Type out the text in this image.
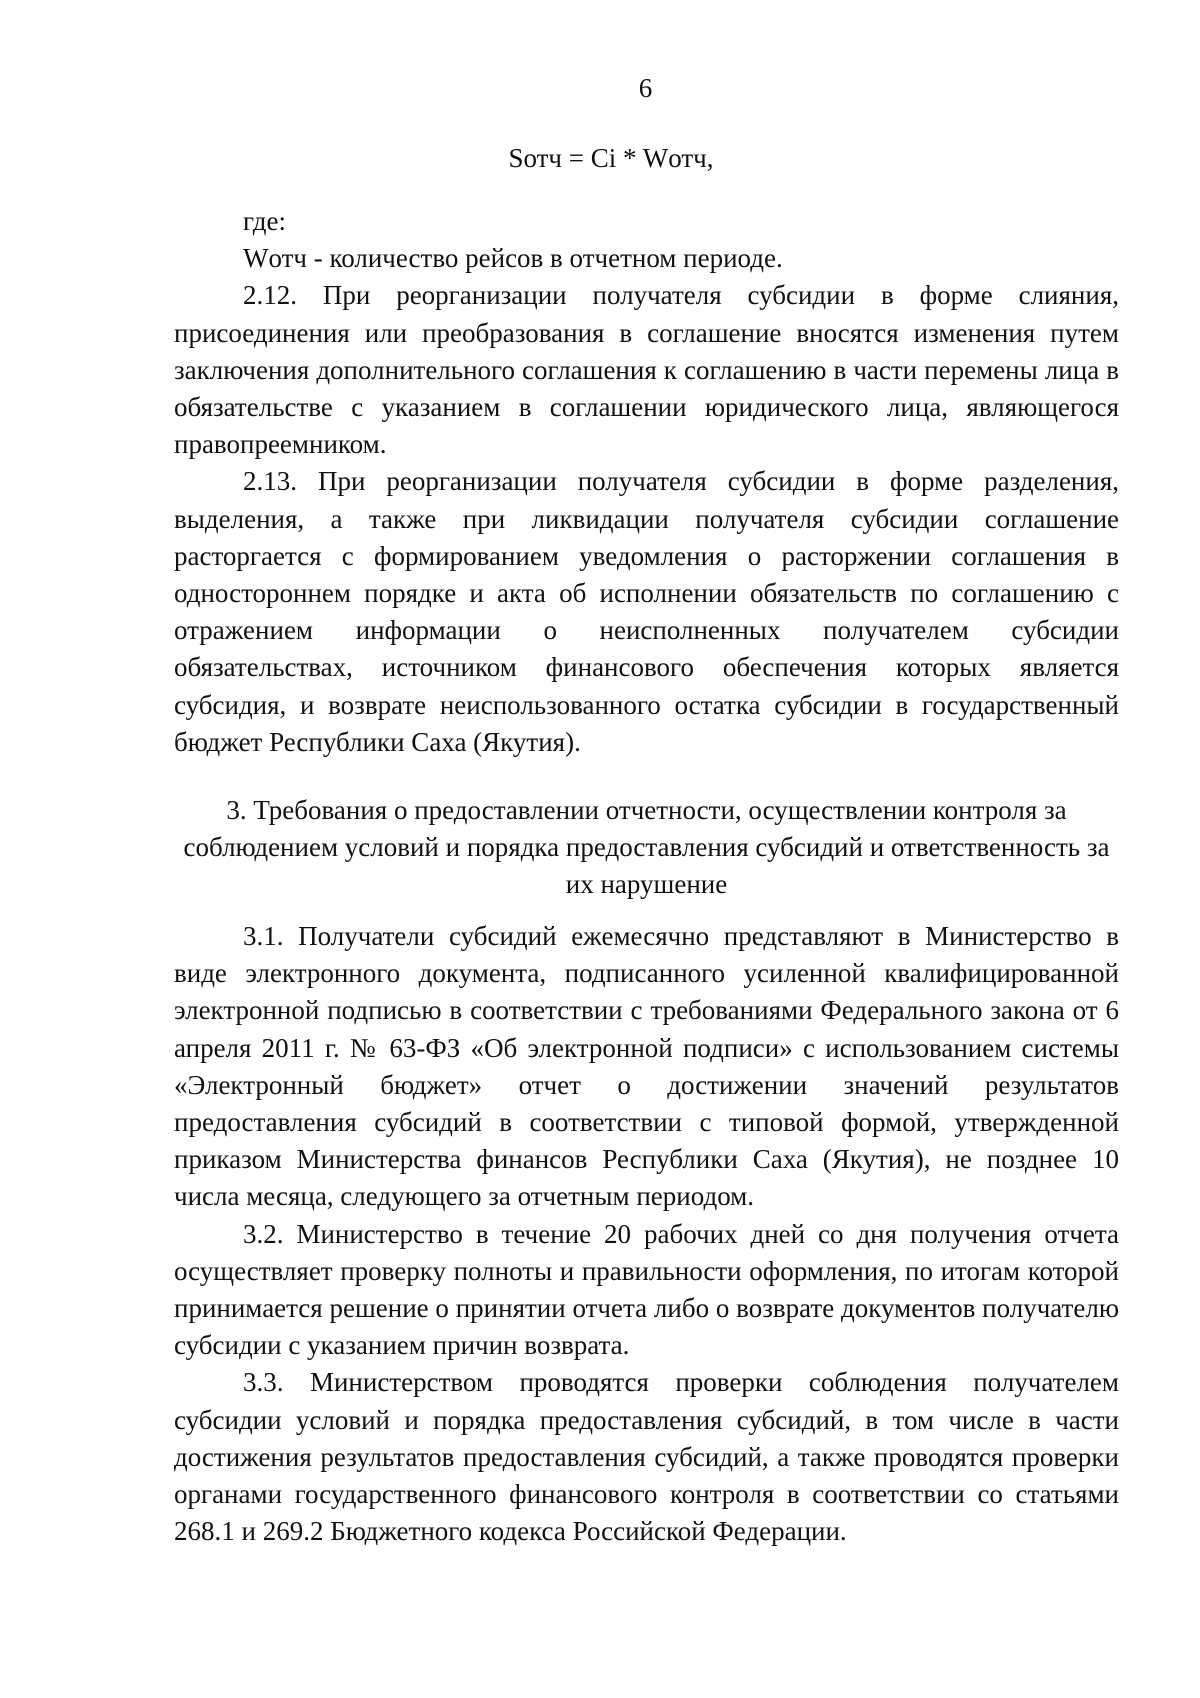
6
Sотч = Ci * Wотч,

где:

Wотч - количество рейсов в отчетном периоде.

2.12. При реорганизации получателя субсидии в форме слияния, присоединения или преобразования в соглашение вносятся изменения путем заключения дополнительного соглашения к соглашению в части перемены лица в обязательстве с указанием в соглашении юридического лица, являющегося правопреемником.

2.13. При реорганизации получателя субсидии в форме разделения, выделения, а также при ликвидации получателя субсидии соглашение расторгается с формированием уведомления о расторжении соглашения в одностороннем порядке и акта об исполнении обязательств по соглашению с отражением информации о неисполненных получателем субсидии обязательствах, источником финансового обеспечения которых является субсидия, и возврате неиспользованного остатка субсидии в государственный бюджет Республики Саха (Якутия).

3. Требования о предоставлении отчетности, осуществлении контроля за соблюдением условий и порядка предоставления субсидий и ответственность за их нарушение

3.1. Получатели субсидий ежемесячно представляют в Министерство в виде электронного документа, подписанного усиленной квалифицированной электронной подписью в соответствии с требованиями Федерального закона от 6 апреля 2011 г. № 63-ФЗ «Об электронной подписи» с использованием системы «Электронный бюджет» отчет о достижении значений результатов предоставления субсидий в соответствии с типовой формой, утвержденной приказом Министерства финансов Республики Саха (Якутия), не позднее 10 числа месяца, следующего за отчетным периодом.

3.2. Министерство в течение 20 рабочих дней со дня получения отчета осуществляет проверку полноты и правильности оформления, по итогам которой принимается решение о принятии отчета либо о возврате документов получателю субсидии с указанием причин возврата.

3.3. Министерством проводятся проверки соблюдения получателем субсидии условий и порядка предоставления субсидий, в том числе в части достижения результатов предоставления субсидий, а также проводятся проверки органами государственного финансового контроля в соответствии со статьями 268.1 и 269.2 Бюджетного кодекса Российской Федерации.
